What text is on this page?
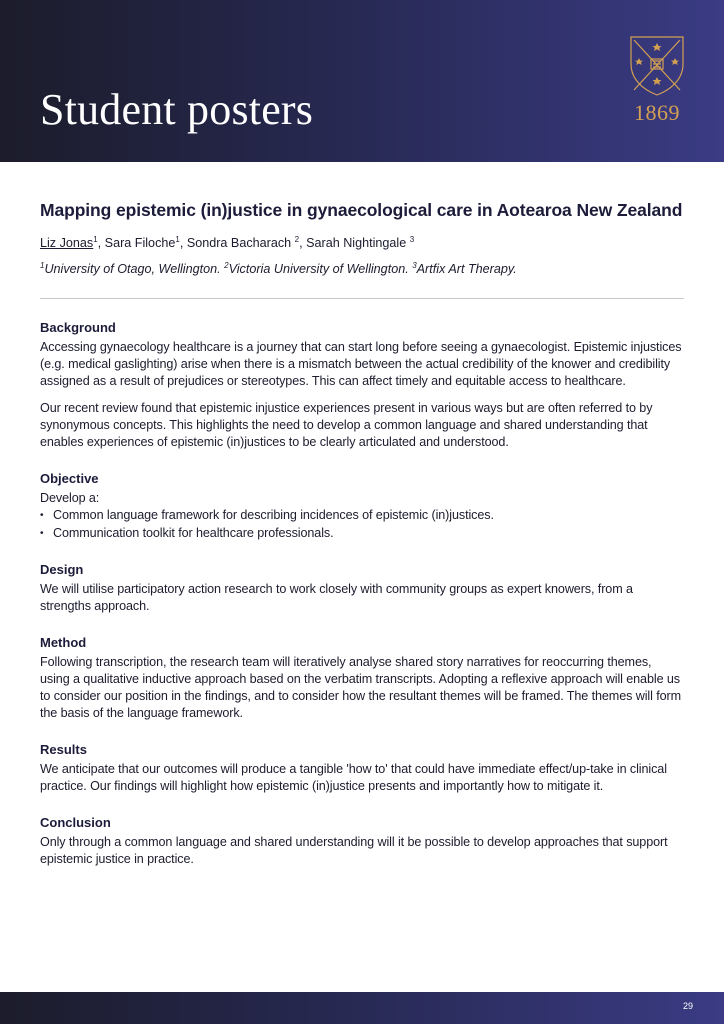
Student posters	1869
Mapping epistemic (in)justice in gynaecological care in Aotearoa New Zealand
Liz Jonas$^1$, Sara Filoche$^1$, Sondra Bacharach $^2$, Sarah Nightingale $^3$
$^1$University of Otago, Wellington. $^2$Victoria University of Wellington. $^3$Artfix Art Therapy.
Background

Accessing gynaecology healthcare is a journey that can start long before seeing a gynaecologist. Epistemic injustices (e.g. medical gaslighting) arise when there is a mismatch between the actual credibility of the knower and credibility assigned as a result of prejudices or stereotypes. This can affect timely and equitable access to healthcare.

Our recent review found that epistemic injustice experiences present in various ways but are often referred to by synonymous concepts. This highlights the need to develop a common language and shared understanding that enables experiences of epistemic (in)justices to be clearly articulated and understood.

Objective

Develop a:

• Common language framework for describing incidences of epistemic (in)justices.
• Communication toolkit for healthcare professionals.
Design

We will utilise participatory action research to work closely with community groups as expert knowers, from a strengths approach.

Method

Following transcription, the research team will iteratively analyse shared story narratives for reoccurring themes, using a qualitative inductive approach based on the verbatim transcripts. Adopting a reflexive approach will enable us to consider our position in the findings, and to consider how the resultant themes will be framed. The themes will form the basis of the language framework.

Results

We anticipate that our outcomes will produce a tangible 'how to' that could have immediate effect/up-take in clinical practice. Our findings will highlight how epistemic (in)justice presents and importantly how to mitigate it.

Conclusion

Only through a common language and shared understanding will it be possible to develop approaches that support epistemic justice in practice.

29
